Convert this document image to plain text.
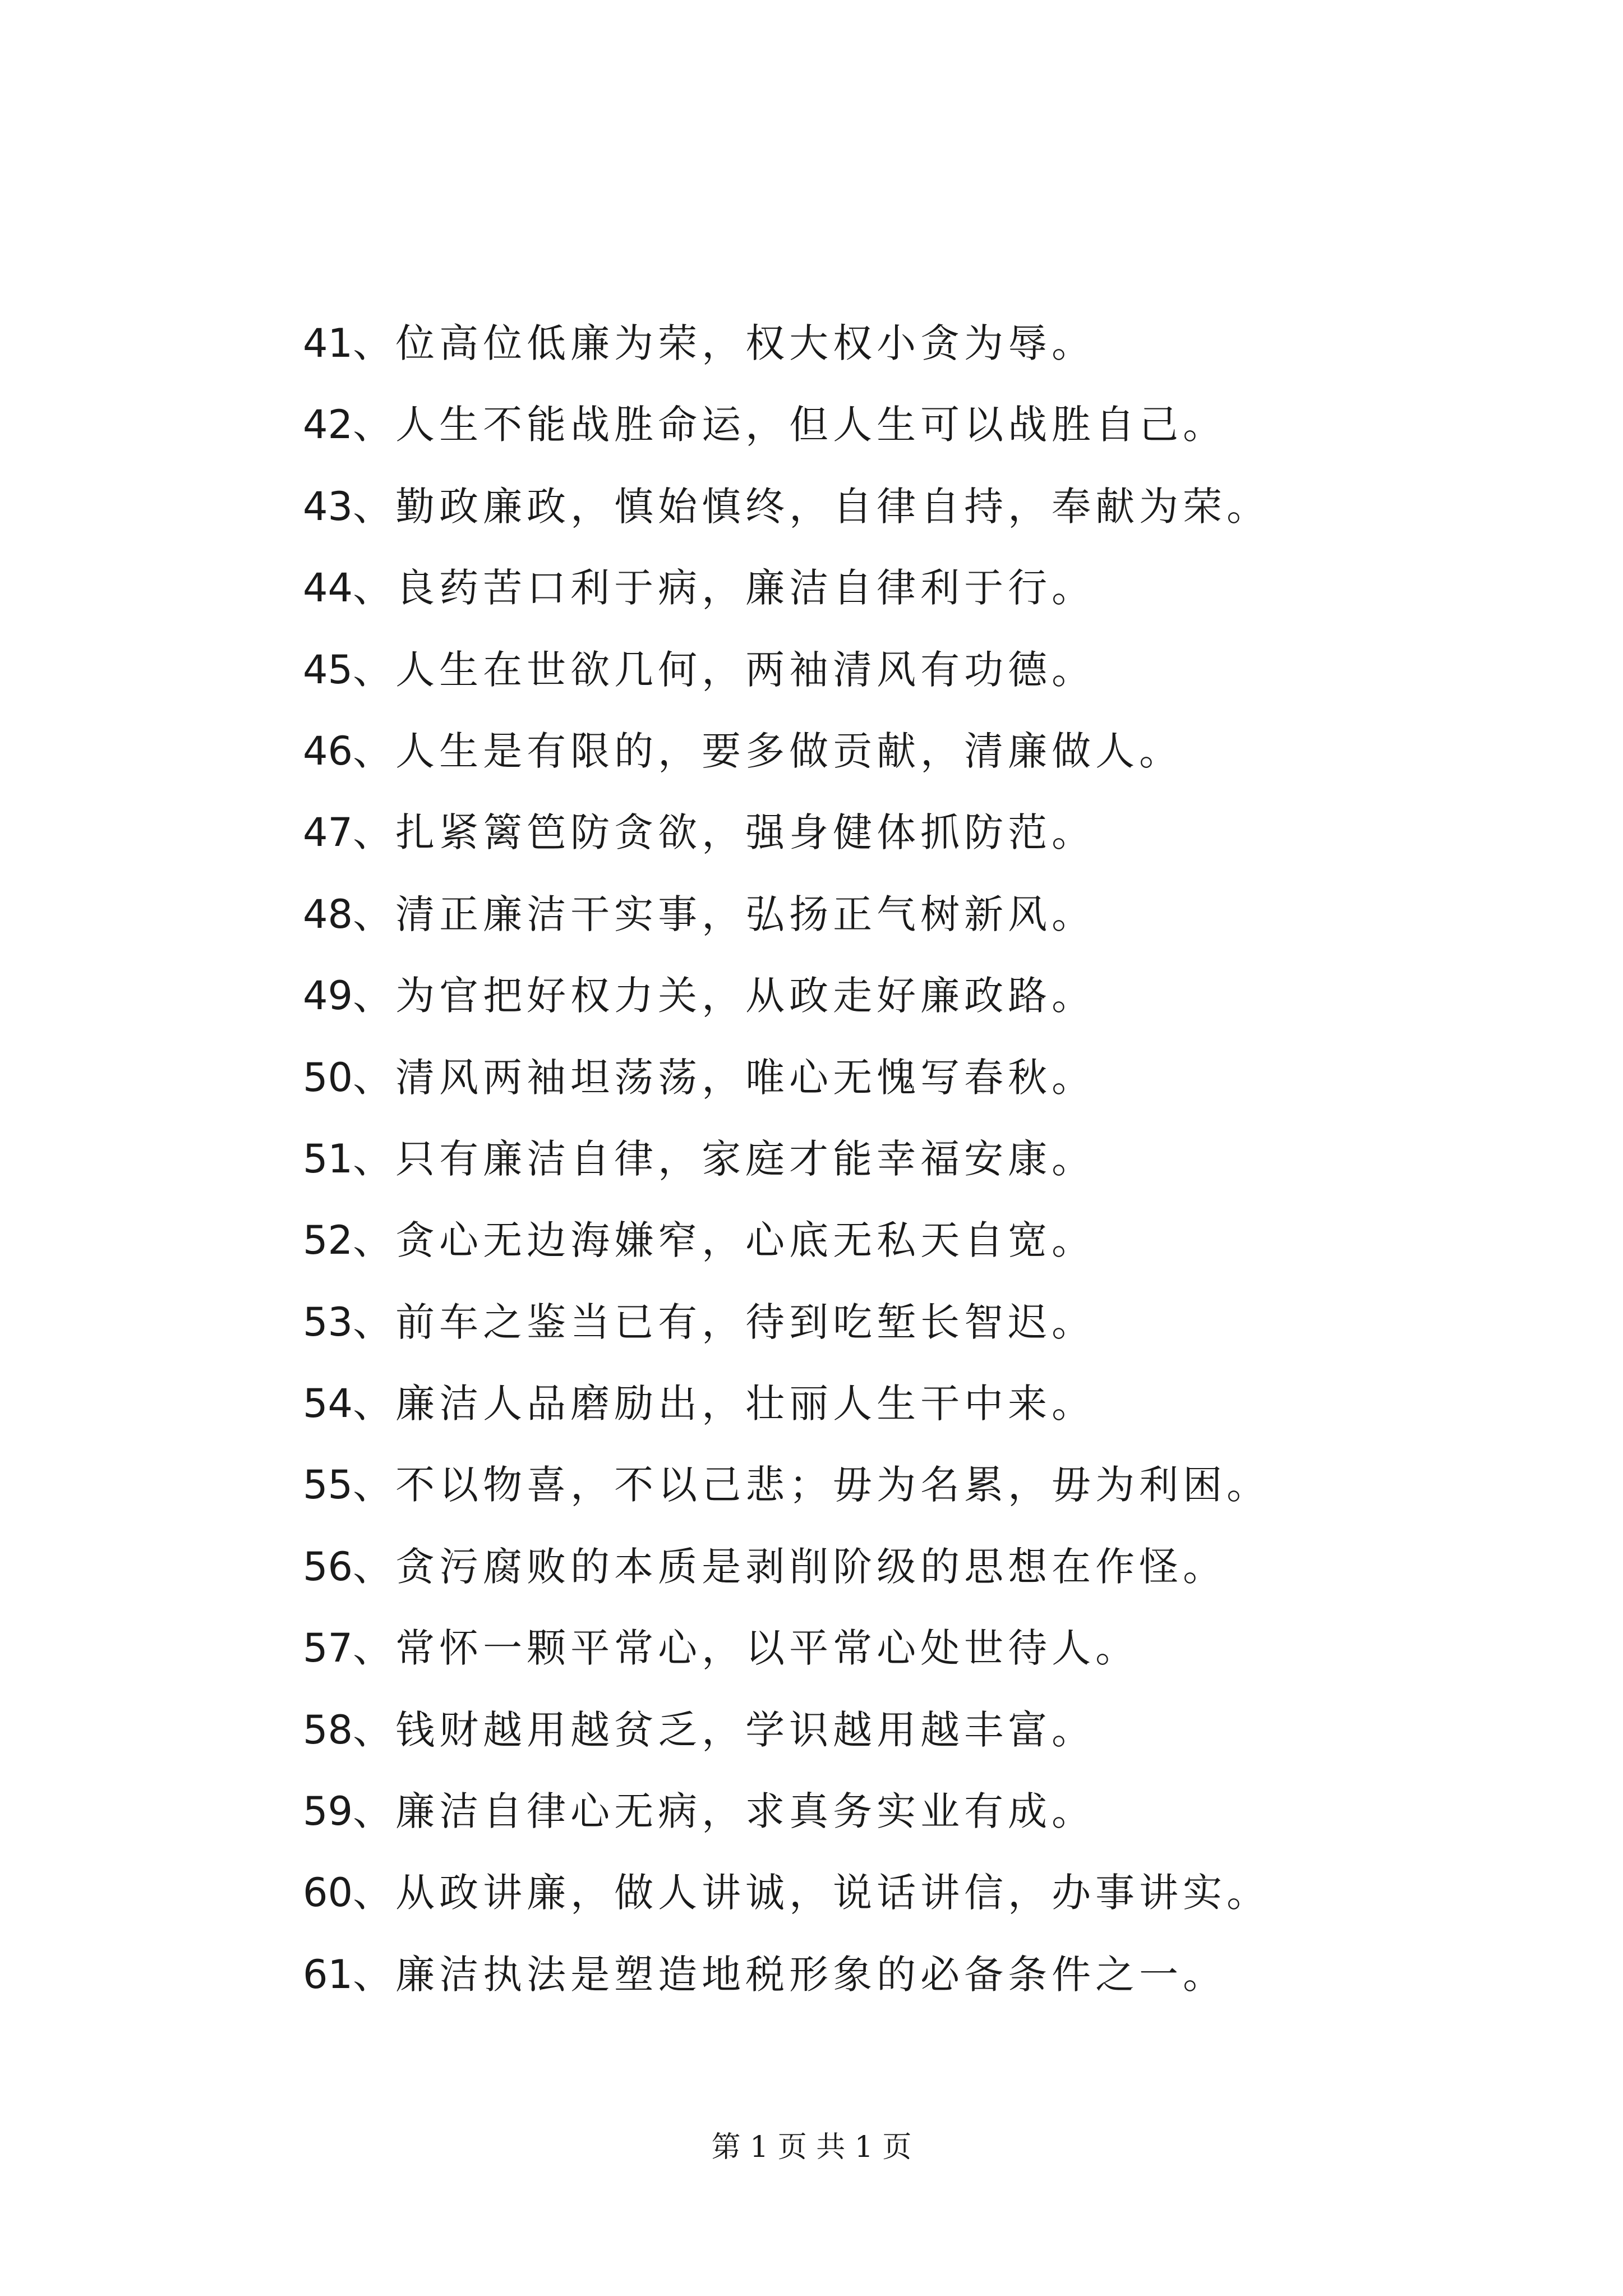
41、位高位低廉为荣，权大权小贪为辱。
42、人生不能战胜命运，但人生可以战胜自己。
43、勤政廉政，慎始慎终，自律自持，奉献为荣。
44、良药苦口利于病，廉洁自律利于行。
45、人生在世欲几何，两袖清风有功德。
46、人生是有限的，要多做贡献，清廉做人。
47、扎紧篱笆防贪欲，强身健体抓防范。
48、清正廉洁干实事，弘扬正气树新风。
49、为官把好权力关，从政走好廉政路。
50、清风两袖坦荡荡，唯心无愧写春秋。
51、只有廉洁自律，家庭才能幸福安康。
52、贪心无边海嫌窄，心底无私天自宽。
53、前车之鉴当已有，待到吃堑长智迟。
54、廉洁人品磨励出，壮丽人生干中来。
55、不以物喜，不以己悲；毋为名累，毋为利困。
56、贪污腐败的本质是剥削阶级的思想在作怪。
57、常怀一颗平常心，以平常心处世待人。
58、钱财越用越贫乏，学识越用越丰富。
59、廉洁自律心无病，求真务实业有成。
60、从政讲廉，做人讲诚，说话讲信，办事讲实。
61、廉洁执法是塑造地税形象的必备条件之一。
第 1 页 共 1 页
